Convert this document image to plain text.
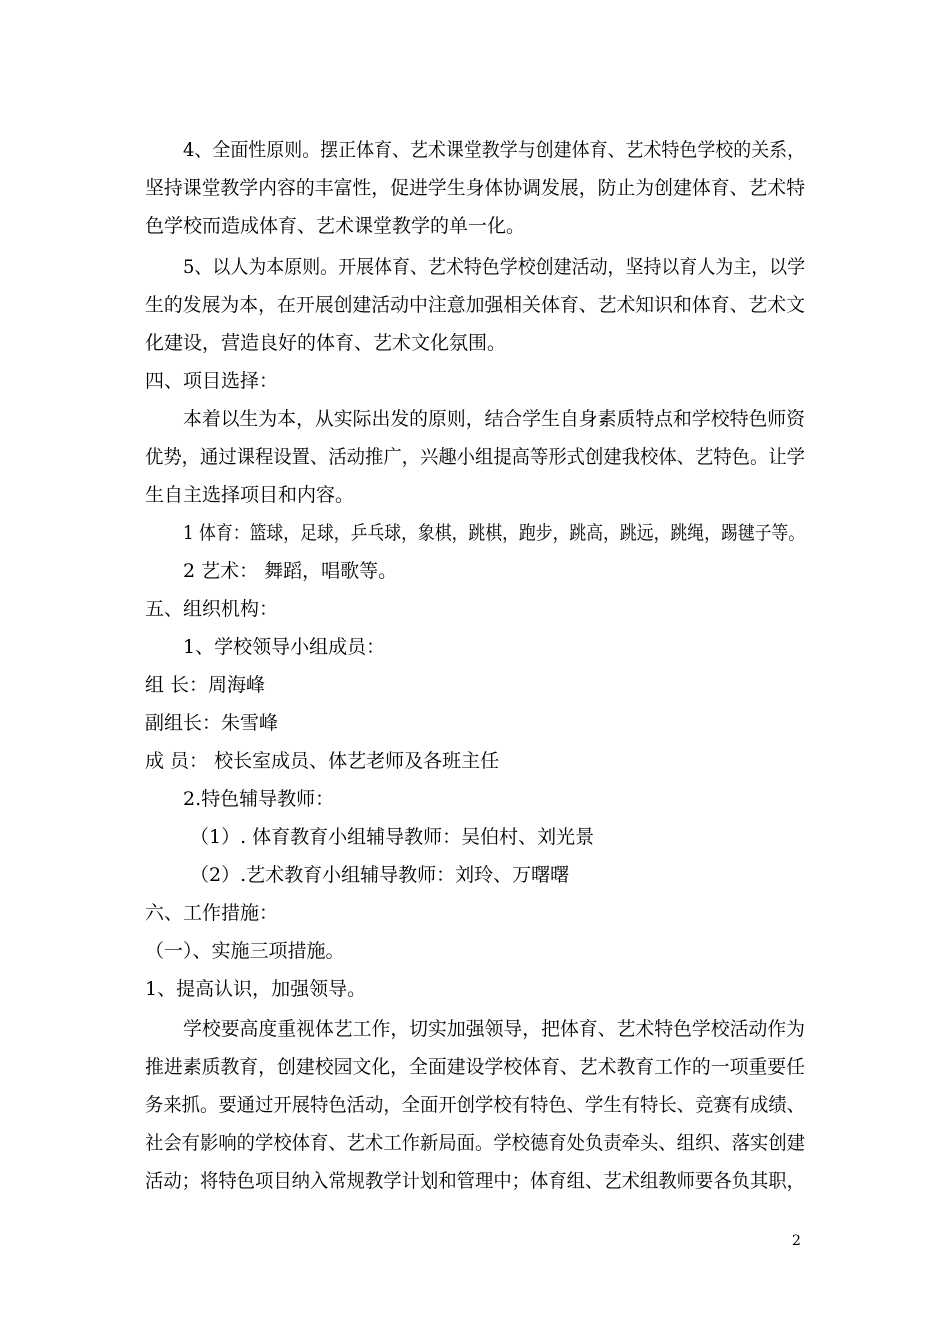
4、全面性原则。摆正体育、艺术课堂教学与创建体育、艺术特色学校的关系，
坚持课堂教学内容的丰富性，促进学生身体协调发展，防止为创建体育、艺术特
色学校而造成体育、艺术课堂教学的单一化。
5、以人为本原则。开展体育、艺术特色学校创建活动，坚持以育人为主，以学
生的发展为本，在开展创建活动中注意加强相关体育、艺术知识和体育、艺术文
化建设，营造良好的体育、艺术文化氛围。
四、项目选择：
本着以生为本，从实际出发的原则，结合学生自身素质特点和学校特色师资
优势，通过课程设置、活动推广，兴趣小组提高等形式创建我校体、艺特色。让学
生自主选择项目和内容。
1 体育：篮球，足球，乒乓球，象棋，跳棋，跑步，跳高，跳远，跳绳，踢毽子等。
2 艺术： 舞蹈，唱歌等。
五、组织机构：
1、学校领导小组成员：
组 长：周海峰
副组长：朱雪峰
成 员： 校长室成员、体艺老师及各班主任
2.特色辅导教师：
（1）. 体育教育小组辅导教师：吴伯村、刘光景
（2）.艺术教育小组辅导教师：刘玲、万曙曙
六、工作措施：
（一）、实施三项措施。
1、提高认识，加强领导。
学校要高度重视体艺工作，切实加强领导，把体育、艺术特色学校活动作为
推进素质教育，创建校园文化，全面建设学校体育、艺术教育工作的一项重要任
务来抓。要通过开展特色活动，全面开创学校有特色、学生有特长、竞赛有成绩、
社会有影响的学校体育、艺术工作新局面。学校德育处负责牵头、组织、落实创建
活动；将特色项目纳入常规教学计划和管理中；体育组、艺术组教师要各负其职，
2
